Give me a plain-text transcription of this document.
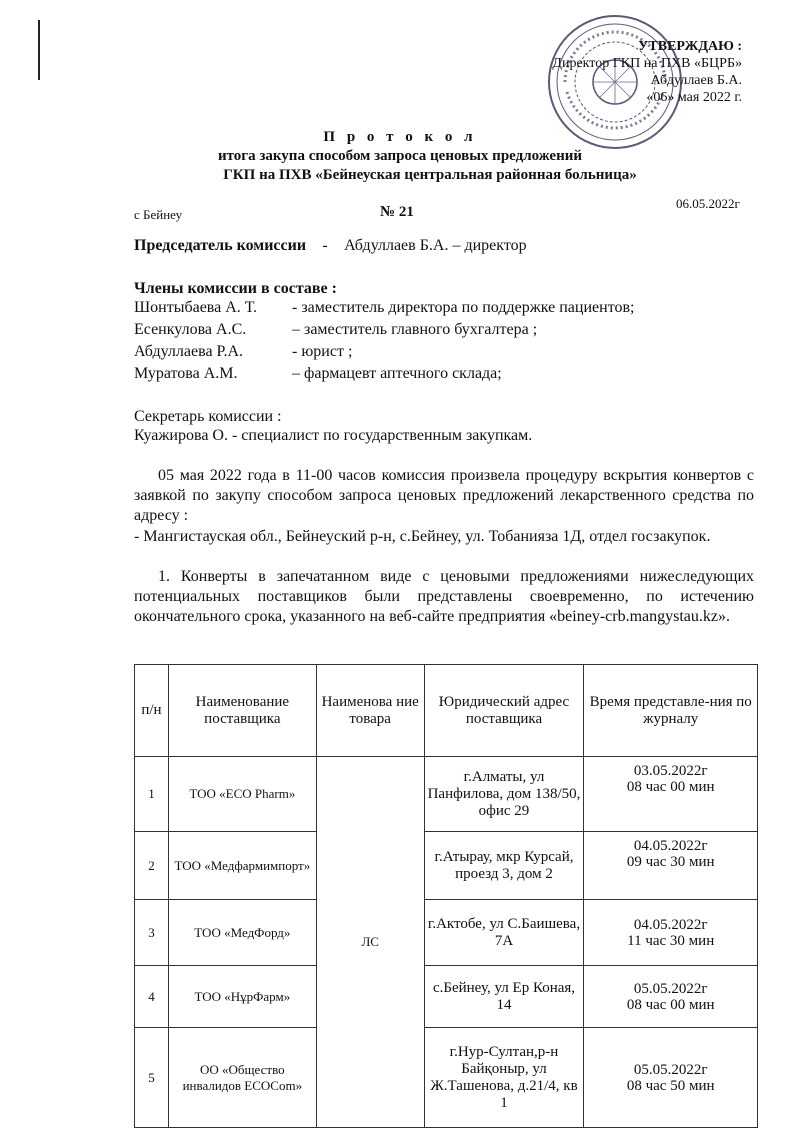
УТВЕРЖДАЮ :
Директор ГКП на ПХВ «БЦРБ»
Абдуллаев Б.А.
«06» мая 2022 г.
П р о т о к о л
итога закупа способом запроса ценовых предложений
ГКП на ПХВ «Бейнеуская центральная районная больница»
с Бейнеу	№ 21
06.05.2022г
Председатель комиссии - Абдуллаев Б.А. – директор
Члены комиссии в составе :
Шонтыбаева А. Т. - заместитель директора по поддержке пациентов;
Есенкулова А.С.	– заместитель главного бухгалтера ;
Абдуллаева Р.А.	- юрист ;
Муратова А.М.	– фармацевт аптечного склада;
Секретарь комиссии :
Куажирова О. - специалист по государственным закупкам.
05 мая 2022 года в 11-00 часов комиссия произвела процедуру вскрытия конвертов с заявкой по закупу способом запроса ценовых предложений лекарственного средства по адресу :
- Мангистауская обл., Бейнеуский р-н, с.Бейнеу, ул. Тобанияза 1Д, отдел госзакупок.
1. Конверты в запечатанном виде с ценовыми предложениями нижеследующих потенциальных поставщиков были представлены своевременно, по истечению окончательного срока, указанного на веб-сайте предприятия «beiney-crb.mangystau.kz».
п/н	Наименование поставщика	Наименова ние товара	Юридический адрес поставщика	Время представле-ния по журналу
1	ТОО «ECO Pharm»	ЛС	г.Алматы, ул Панфилова, дом 138/50, офис 29	03.05.2022г
08 час 00 мин

2	ТОО «Медфармимпорт»		г.Атырау, мкр Курсай, проезд 3, дом 2	04.05.2022г
09 час 30 мин

3	ТОО «МедФорд»		г.Актобе, ул С.Баишева, 7А	04.05.2022г
11 час 30 мин

4	ТОО «НұрФарм»		с.Бейнеу, ул Ер Коная, 14	05.05.2022г
08 час 00 мин

5	ОО «Общество инвалидов ECOCom»		г.Нур-Султан,р-н Байқоныр, ул Ж.Ташенова, д.21/4, кв 1	05.05.2022г
08 час 50 мин
